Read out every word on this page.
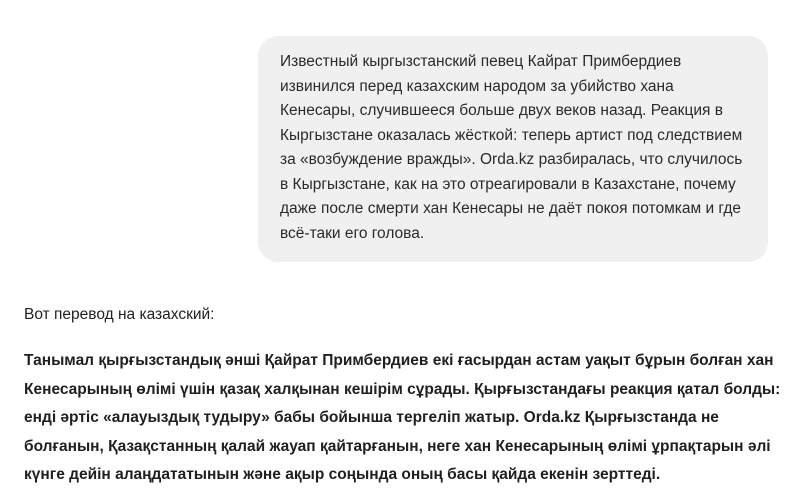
Известный кыргызстанский певец Кайрат Примбердиев извинился перед казахским народом за убийство хана Кенесары, случившееся больше двух веков назад. Реакция в Кыргызстане оказалась жёсткой: теперь артист под следствием за «возбуждение вражды». Orda.kz разбиралась, что случилось в Кыргызстане, как на это отреагировали в Казахстане, почему даже после смерти хан Кенесары не даёт покоя потомкам и где всё-таки его голова.

Вот перевод на казахский:

Танымал қырғызстандық әнші Қайрат Примбердиев екі ғасырдан астам уақыт бұрын болған хан Кенесарының өлімі үшін қазақ халқынан кешірім сұрады. Қырғызстандағы реакция қатал болды: енді әртіс «алауыздық тудыру» бабы бойынша тергеліп жатыр. Orda.kz Қырғызстанда не болғанын, Қазақстанның қалай жауап қайтарғанын, неге хан Кенесарының өлімі ұрпақтарын әлі күнге дейін алаңдататынын және ақыр соңында оның басы қайда екенін зерттеді.
